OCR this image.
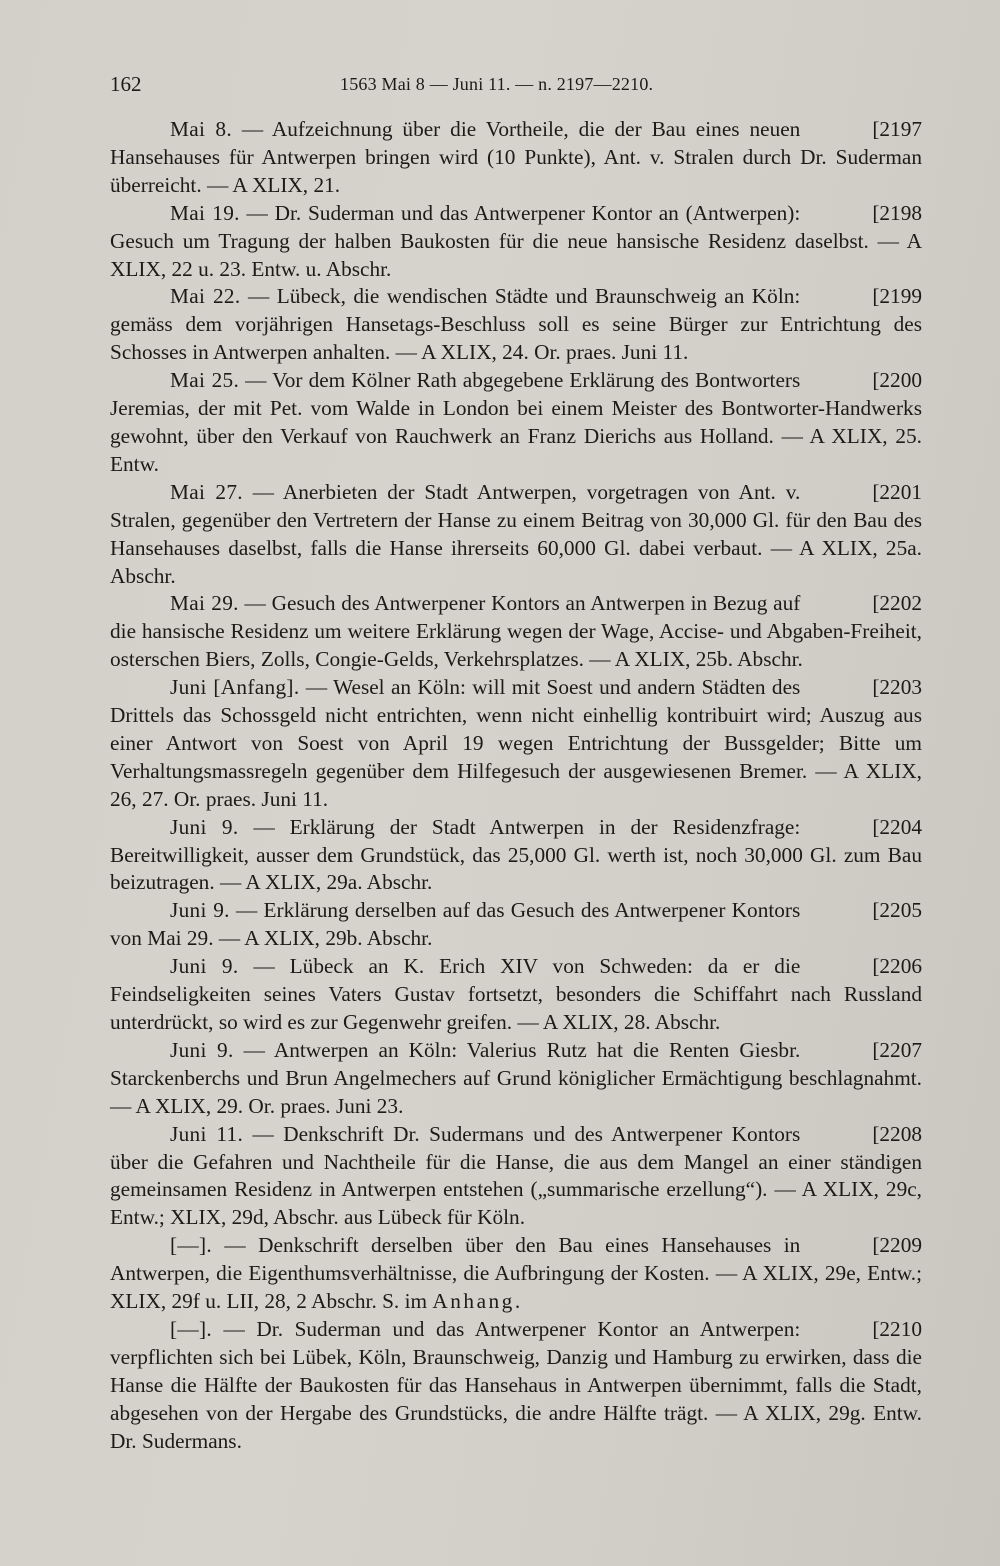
162	1563 Mai 8 — Juni 11. — n. 2197—2210.

[ 2197
Mai 8. — Aufzeichnung über die Vortheile, die der Bau eines neuen Hansehauses für Antwerpen bringen wird (10 Punkte), Ant. v. Stralen durch Dr. Suderman überreicht. — A XLIX, 21.

[ 2198
Mai 19. — Dr. Suderman und das Antwerpener Kontor an (Antwerpen): Gesuch um Tragung der halben Baukosten für die neue hansische Residenz daselbst. — A XLIX, 22 u. 23. Entw. u. Abschr.

[ 2199
Mai 22. — Lübeck, die wendischen Städte und Braunschweig an Köln: gemäss dem vorjährigen Hansetags-Beschluss soll es seine Bürger zur Entrichtung des Schosses in Antwerpen anhalten. — A XLIX, 24. Or. praes. Juni 11.

[ 2200
Mai 25. — Vor dem Kölner Rath abgegebene Erklärung des Bontworters Jeremias, der mit Pet. vom Walde in London bei einem Meister des Bontworter-Handwerks gewohnt, über den Verkauf von Rauchwerk an Franz Dierichs aus Holland. — A XLIX, 25. Entw.

[ 2201
Mai 27. — Anerbieten der Stadt Antwerpen, vorgetragen von Ant. v. Stralen, gegenüber den Vertretern der Hanse zu einem Beitrag von 30,000 Gl. für den Bau des Hansehauses daselbst, falls die Hanse ihrerseits 60,000 Gl. dabei verbaut. — A XLIX, 25a. Abschr.

[ 2202
Mai 29. — Gesuch des Antwerpener Kontors an Antwerpen in Bezug auf die hansische Residenz um weitere Erklärung wegen der Wage, Accise- und Abgaben-Freiheit, osterschen Biers, Zolls, Congie-Gelds, Verkehrsplatzes. — A XLIX, 25b. Abschr.

[ 2203
Juni [Anfang]. — Wesel an Köln: will mit Soest und andern Städten des Drittels das Schossgeld nicht entrichten, wenn nicht einhellig kontribuirt wird; Auszug aus einer Antwort von Soest von April 19 wegen Entrichtung der Bussgelder; Bitte um Verhaltungsmassregeln gegenüber dem Hilfegesuch der ausgewiesenen Bremer. — A XLIX, 26, 27. Or. praes. Juni 11.

[ 2204
Juni 9. — Erklärung der Stadt Antwerpen in der Residenzfrage: Bereitwilligkeit, ausser dem Grundstück, das 25,000 Gl. werth ist, noch 30,000 Gl. zum Bau beizutragen. — A XLIX, 29a. Abschr.

[ 2205
Juni 9. — Erklärung derselben auf das Gesuch des Antwerpener Kontors von Mai 29. — A XLIX, 29b. Abschr.

[ 2206
Juni 9. — Lübeck an K. Erich XIV von Schweden: da er die Feindseligkeiten seines Vaters Gustav fortsetzt, besonders die Schiffahrt nach Russland unterdrückt, so wird es zur Gegenwehr greifen. — A XLIX, 28. Abschr.

[ 2207
Juni 9. — Antwerpen an Köln: Valerius Rutz hat die Renten Giesbr. Starckenberchs und Brun Angelmechers auf Grund königlicher Ermächtigung beschlagnahmt. — A XLIX, 29. Or. praes. Juni 23.

[ 2208
Juni 11. — Denkschrift Dr. Sudermans und des Antwerpener Kontors über die Gefahren und Nachtheile für die Hanse, die aus dem Mangel an einer ständigen gemeinsamen Residenz in Antwerpen entstehen („summarische erzellung“). — A XLIX, 29c, Entw.; XLIX, 29d, Abschr. aus Lübeck für Köln.

[ 2209
[—]. — Denkschrift derselben über den Bau eines Hansehauses in Antwerpen, die Eigenthumsverhältnisse, die Aufbringung der Kosten. — A XLIX, 29e, Entw.; XLIX, 29f u. LII, 28, 2 Abschr. S. im Anhang.

[ 2210
[—]. — Dr. Suderman und das Antwerpener Kontor an Antwerpen: verpflichten sich bei Lübek, Köln, Braunschweig, Danzig und Hamburg zu erwirken, dass die Hanse die Hälfte der Baukosten für das Hansehaus in Antwerpen übernimmt, falls die Stadt, abgesehen von der Hergabe des Grundstücks, die andre Hälfte trägt. — A XLIX, 29g. Entw. Dr. Sudermans.
